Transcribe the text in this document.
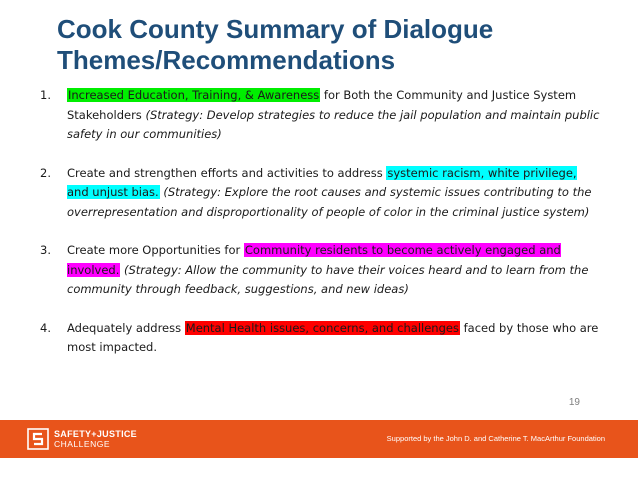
Cook County Summary of Dialogue
Themes/Recommendations
1. Increased Education, Training, & Awareness for Both the Community and Justice System Stakeholders (Strategy: Develop strategies to reduce the jail population and maintain public safety in our communities)
2. Create and strengthen efforts and activities to address systemic racism, white privilege, and unjust bias. (Strategy: Explore the root causes and systemic issues contributing to the overrepresentation and disproportionality of people of color in the criminal justice system)
3. Create more Opportunities for Community residents to become actively engaged and involved. (Strategy: Allow the community to have their voices heard and to learn from the community through feedback, suggestions, and new ideas)
4. Adequately address Mental Health issues, concerns, and challenges faced by those who are most impacted.
19
SAFETY+JUSTICE
CHALLENGE
Supported by the John D. and Catherine T. MacArthur Foundation
